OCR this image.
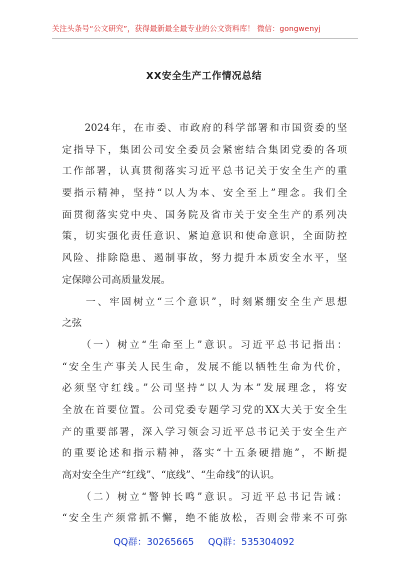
关注头条号“公文研究”，获得最新最全最专业的公文资料库！ 微信：gongwenyj
XX安全生产工作情况总结
　　2024年，在市委、市政府的科学部署和市国资委的坚
定指导下，集团公司安全委员会紧密结合集团党委的各项
工作部署，认真贯彻落实习近平总书记关于安全生产的重
要指示精神，坚持“以人为本、安全至上”理念。我们全
面贯彻落实党中央、国务院及省市关于安全生产的系列决
策，切实强化责任意识、紧迫意识和使命意识，全面防控
风险、排除隐患、遏制事故，努力提升本质安全水平，坚
定保障公司高质量发展。
　　一、牢固树立“三个意识”，时刻紧绷安全生产思想
之弦
　　（一）树立“生命至上”意识。习近平总书记指出：
“安全生产事关人民生命，发展不能以牺牲生命为代价，
必须坚守红线。”公司坚持“以人为本”发展理念，将安
全放在首要位置。公司党委专题学习党的XX大关于安全生
产的重要部署，深入学习领会习近平总书记关于安全生产
的重要论述和指示精神，落实“十五条硬措施”，不断提
高对安全生产“红线”、“底线”、“生命线”的认识。
　　（二）树立“警钟长鸣”意识。习近平总书记告诫：
“安全生产须常抓不懈，绝不能放松，否则会带来不可弥
QQ群：30265665 QQ群：535304092
